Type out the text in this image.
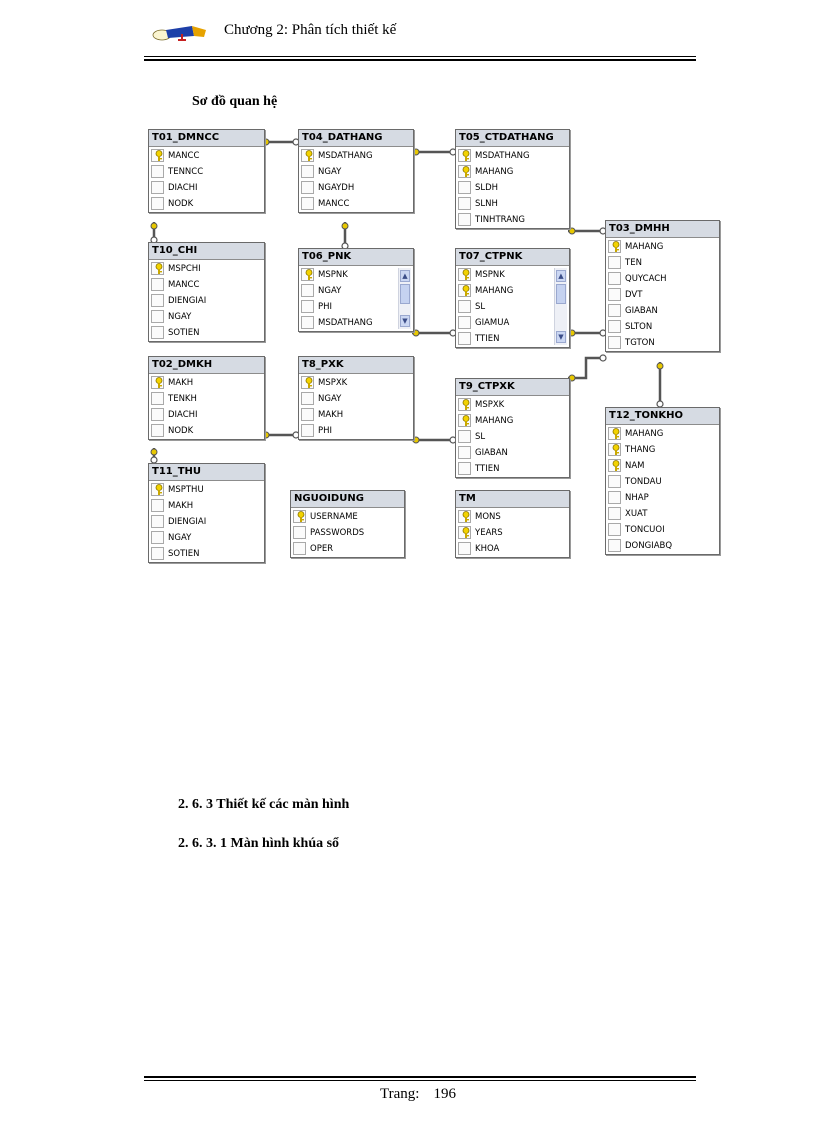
Chương 2: Phân tích thiết kế
Sơ đồ quan hệ
T01_DMNCC
MANCC
TENNCC
DIACHI
NODK
T04_DATHANG
MSDATHANG
NGAY
NGAYDH
MANCC
T05_CTDATHANG
MSDATHANG
MAHANG
SLDH
SLNH
TINHTRANG
T03_DMHH
MAHANG
TEN
QUYCACH
DVT
GIABAN
SLTON
TGTON
T10_CHI
MSPCHI
MANCC
DIENGIAI
NGAY
SOTIEN
T06_PNK
MSPNK
NGAY
PHI
MSDATHANG
▲
▼
T07_CTPNK
MSPNK
MAHANG
SL
GIAMUA
TTIEN
▲
▼
T02_DMKH
MAKH
TENKH
DIACHI
NODK
T8_PXK
MSPXK
NGAY
MAKH
PHI
T9_CTPXK
MSPXK
MAHANG
SL
GIABAN
TTIEN
T12_TONKHO
MAHANG
THANG
NAM
TONDAU
NHAP
XUAT
TONCUOI
DONGIABQ
T11_THU
MSPTHU
MAKH
DIENGIAI
NGAY
SOTIEN
NGUOIDUNG
USERNAME
PASSWORDS
OPER
TM
MONS
YEARS
KHOA
2. 6. 3 Thiết kế các màn hình
2. 6. 3. 1 Màn hình khúa sổ
Trang: 196
